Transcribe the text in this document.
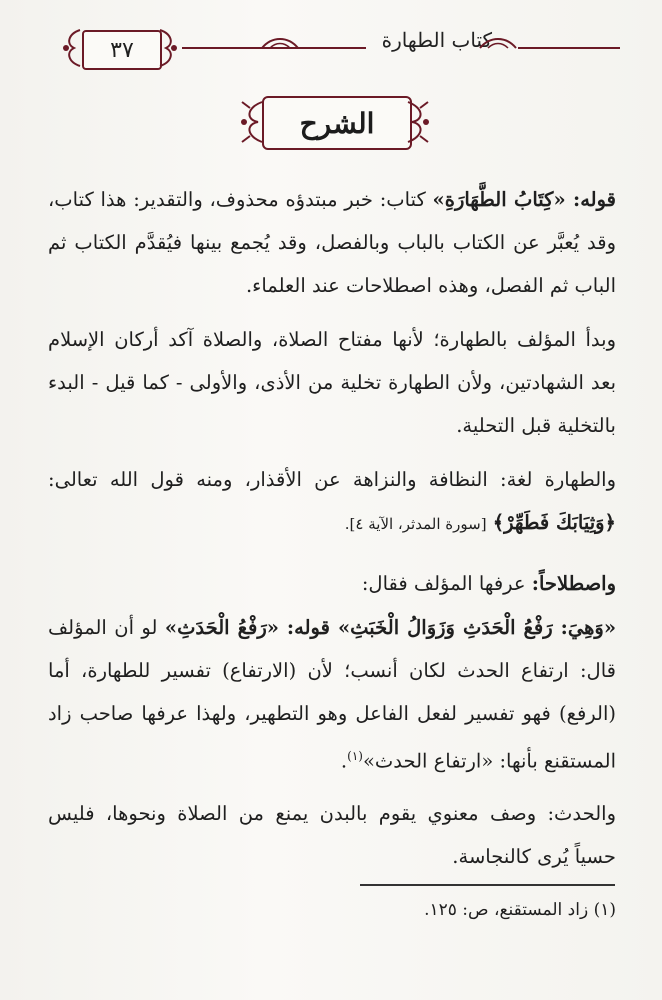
٣٧	كتاب الطهارة
الشرح
قوله: «كِتَابُ الطَّهَارَةِ» كتاب: خبر مبتدؤه محذوف، والتقدير: هذا كتاب، وقد يُعبَّر عن الكتاب بالباب وبالفصل، وقد يُجمع بينها فيُقدَّم الكتاب ثم الباب ثم الفصل، وهذه اصطلاحات عند العلماء.
وبدأ المؤلف بالطهارة؛ لأنها مفتاح الصلاة، والصلاة آكد أركان الإسلام بعد الشهادتين، ولأن الطهارة تخلية من الأذى، والأولى - كما قيل - البدء بالتخلية قبل التحلية.
والطهارة لغة: النظافة والنزاهة عن الأقذار، ومنه قول الله تعالى: ﴿وَثِيَابَكَ فَطَهِّرْ﴾ [سورة المدثر، الآية ٤].
واصطلاحاً: عرفها المؤلف فقال:
«وَهِيَ: رَفْعُ الْحَدَثِ وَزَوَالُ الْخَبَثِ» قوله: «رَفْعُ الْحَدَثِ» لو أن المؤلف قال: ارتفاع الحدث لكان أنسب؛ لأن (الارتفاع) تفسير للطهارة، أما (الرفع) فهو تفسير لفعل الفاعل وهو التطهير، ولهذا عرفها صاحب زاد المستقنع بأنها: «ارتفاع الحدث»$^{(١)}$.
والحدث: وصف معنوي يقوم بالبدن يمنع من الصلاة ونحوها، فليس حسياً يُرى كالنجاسة.
(١) زاد المستقنع، ص: ١٢٥.
